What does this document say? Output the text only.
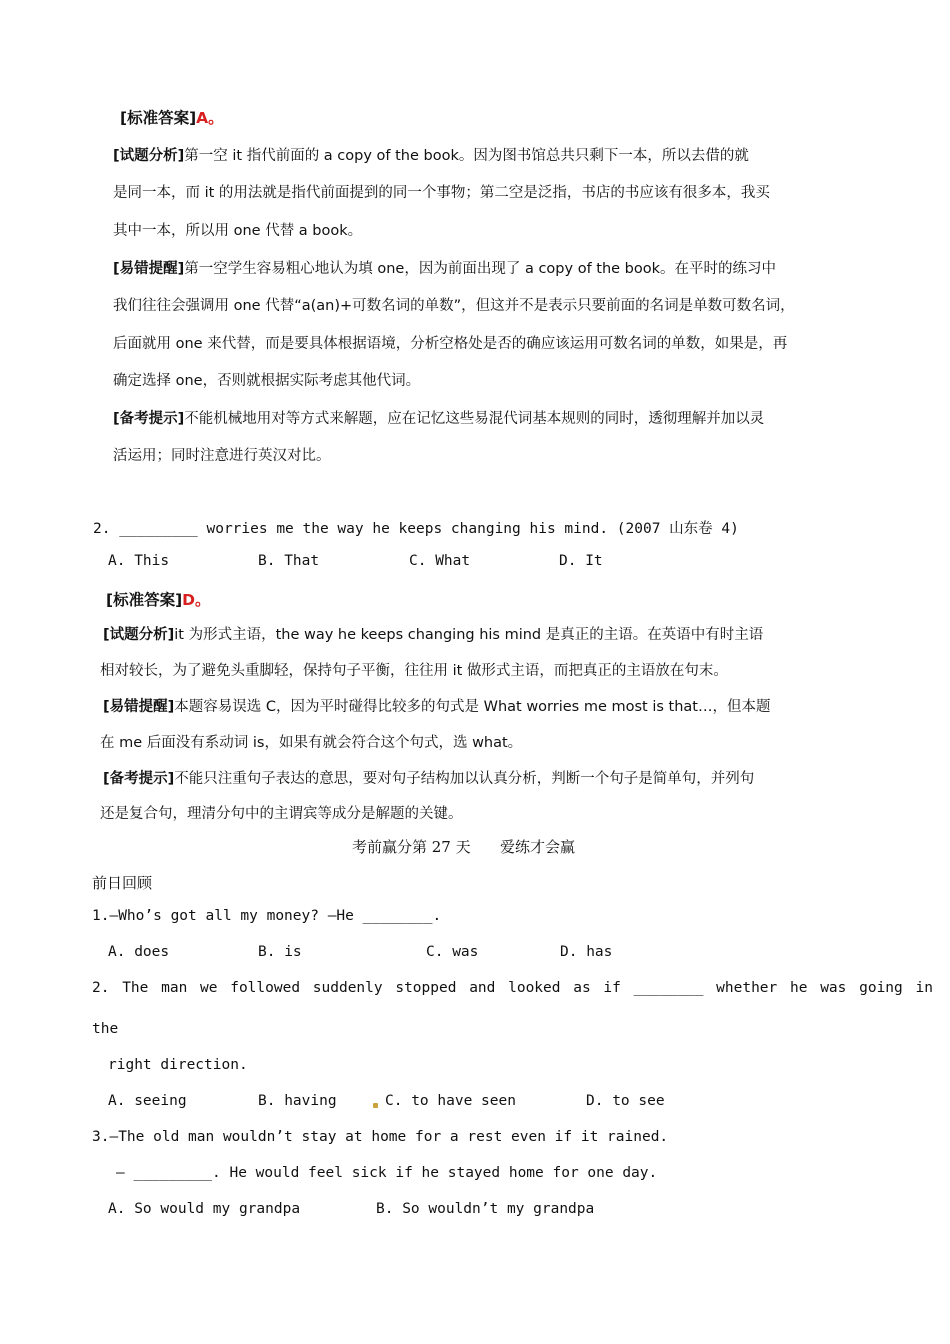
[标准答案]A。
[试题分析]第一空 it 指代前面的 a copy of the book。因为图书馆总共只剩下一本，所以去借的就
是同一本，而 it 的用法就是指代前面提到的同一个事物；第二空是泛指，书店的书应该有很多本，我买
其中一本，所以用 one 代替 a book。
[易错提醒]第一空学生容易粗心地认为填 one，因为前面出现了 a copy of the book。在平时的练习中
我们往往会强调用 one 代替“a(an)+可数名词的单数”，但这并不是表示只要前面的名词是单数可数名词，
后面就用 one 来代替，而是要具体根据语境，分析空格处是否的确应该运用可数名词的单数，如果是，再
确定选择 one，否则就根据实际考虑其他代词。
[备考提示]不能机械地用对等方式来解题，应在记忆这些易混代词基本规则的同时，透彻理解并加以灵
活运用；同时注意进行英汉对比。
2. _________ worries me the way he keeps changing his mind. (2007 山东卷 4)
A. This	B. That	C. What	D. It
[标准答案]D。
[试题分析]it 为形式主语，the way he keeps changing his mind 是真正的主语。在英语中有时主语
相对较长，为了避免头重脚轻，保持句子平衡，往往用 it 做形式主语，而把真正的主语放在句末。
[易错提醒]本题容易误选 C，因为平时碰得比较多的句式是 What worries me most is that…，但本题
在 me 后面没有系动词 is，如果有就会符合这个句式，选 what。
[备考提示]不能只注重句子表达的意思，要对句子结构加以认真分析，判断一个句子是简单句，并列句
还是复合句，理清分句中的主谓宾等成分是解题的关键。
考前赢分第 27 天 爱练才会赢
前日回顾
1.—Who’s got all my money? —He ________.
A. does	B. is	C. was	D. has
2. The man we followed suddenly stopped and looked as if ________ whether he was going in
the
right direction.
A. seeing	B. having	C. to have seen	D. to see
3.—The old man wouldn’t stay at home for a rest even if it rained.
— _________. He would feel sick if he stayed home for one day.
A. So would my grandpa	B. So wouldn’t my grandpa
